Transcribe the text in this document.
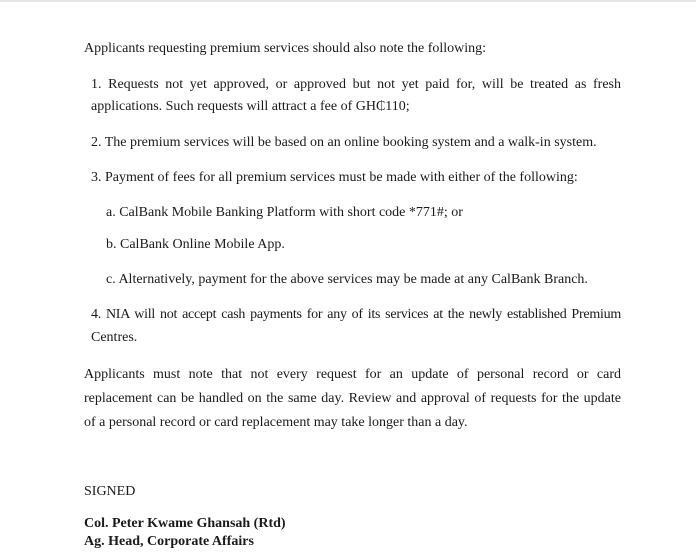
Applicants requesting premium services should also note the following:
1. Requests not yet approved, or approved but not yet paid for, will be treated as fresh
applications. Such requests will attract a fee of GH₵110;
2. The premium services will be based on an online booking system and a walk-in system.
3. Payment of fees for all premium services must be made with either of the following:
a. CalBank Mobile Banking Platform with short code *771#; or
b. CalBank Online Mobile App.
c. Alternatively, payment for the above services may be made at any CalBank Branch.
4. NIA will not accept cash payments for any of its services at the newly established Premium
Centres.
Applicants must note that not every request for an update of personal record or card
replacement can be handled on the same day. Review and approval of requests for the update
of a personal record or card replacement may take longer than a day.
SIGNED
Col. Peter Kwame Ghansah (Rtd)
Ag. Head, Corporate Affairs
